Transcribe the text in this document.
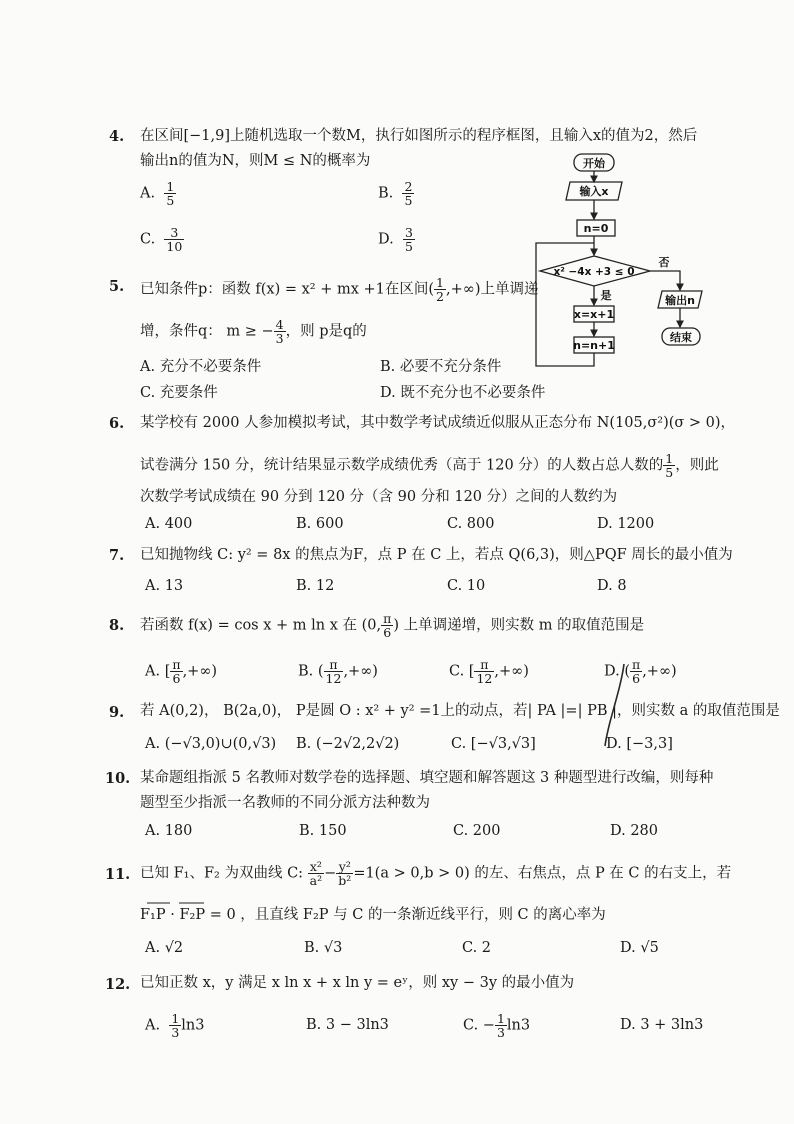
4. 在区间[−1,9]上随机选取一个数M，执行如图所示的程序框图，且输入x的值为2，然后
输出n的值为N，则M ≤ N的概率为
A. $\frac{1}{5}$	B. $\frac{2}{5}$
C. $\frac{3}{10}$	D. $\frac{3}{5}$
开始
输入x
n=0
x² −4x +3 ≤ 0
否
是
x=x+1
n=n+1
输出n
结束
5. 已知条件p：函数 f(x) = x² + mx +1在区间( $\frac{1}{2}$ ,+∞)上单调递
增，条件q： m ≥ − $\frac{4}{3}$ ，则 p是q的
A. 充分不必要条件	B. 必要不充分条件
C. 充要条件	D. 既不充分也不必要条件
6. 某学校有 2000 人参加模拟考试，其中数学考试成绩近似服从正态分布 N(105,σ²)(σ > 0)，
试卷满分 150 分，统计结果显示数学成绩优秀（高于 120 分）的人数占总人数的 $\frac{1}{5}$ ，则此
次数学考试成绩在 90 分到 120 分（含 90 分和 120 分）之间的人数约为
A. 400	B. 600	C. 800	D. 1200
7. 已知抛物线 C: y² = 8x 的焦点为F，点 P 在 C 上，若点 Q(6,3)，则△PQF 周长的最小值为
A. 13	B. 12	C. 10	D. 8
8. 若函数 f(x) = cos x + m ln x 在 (0, $\frac{\pi}{6}$ ) 上单调递增，则实数 m 的取值范围是
A. [ $\frac{\pi}{6}$ ,+∞)	B. ( $\frac{\pi}{12}$ ,+∞)	C. [ $\frac{\pi}{12}$ ,+∞)	D. ( $\frac{\pi}{6}$ ,+∞)
9. 若 A(0,2)， B(2a,0)， P是圆 O : x² + y² =1上的动点，若| PA |=| PB |，则实数 a 的取值范围是
A. (−√3,0)∪(0,√3) B. (−2√2,2√2)	C. [−√3,√3]	D. [−3,3]
10. 某命题组指派 5 名教师对数学卷的选择题、填空题和解答题这 3 种题型进行改编，则每种
题型至少指派一名教师的不同分派方法种数为
A. 180	B. 150	C. 200	D. 280
11. 已知 F₁、F₂ 为双曲线 C: $\frac{\text{x²}}{\text{a²}} - \frac{\text{y²}}{\text{b²}} =1(a > 0,b > 0)$ 的左、右焦点，点 P 在 C 的右支上，若
F₁P · F₂P = 0 ，且直线 F₂P 与 C 的一条渐近线平行，则 C 的离心率为
A. √2	B. √3	C. 2	D. √5
12. 已知正数 x，y 满足 x ln x + x ln y = eʸ，则 xy − 3y 的最小值为
A. $\frac{1}{3} \ln 3$	B. 3 − 3ln3	C. − $\frac{1}{3} \ln 3$	D. 3 + 3ln3
